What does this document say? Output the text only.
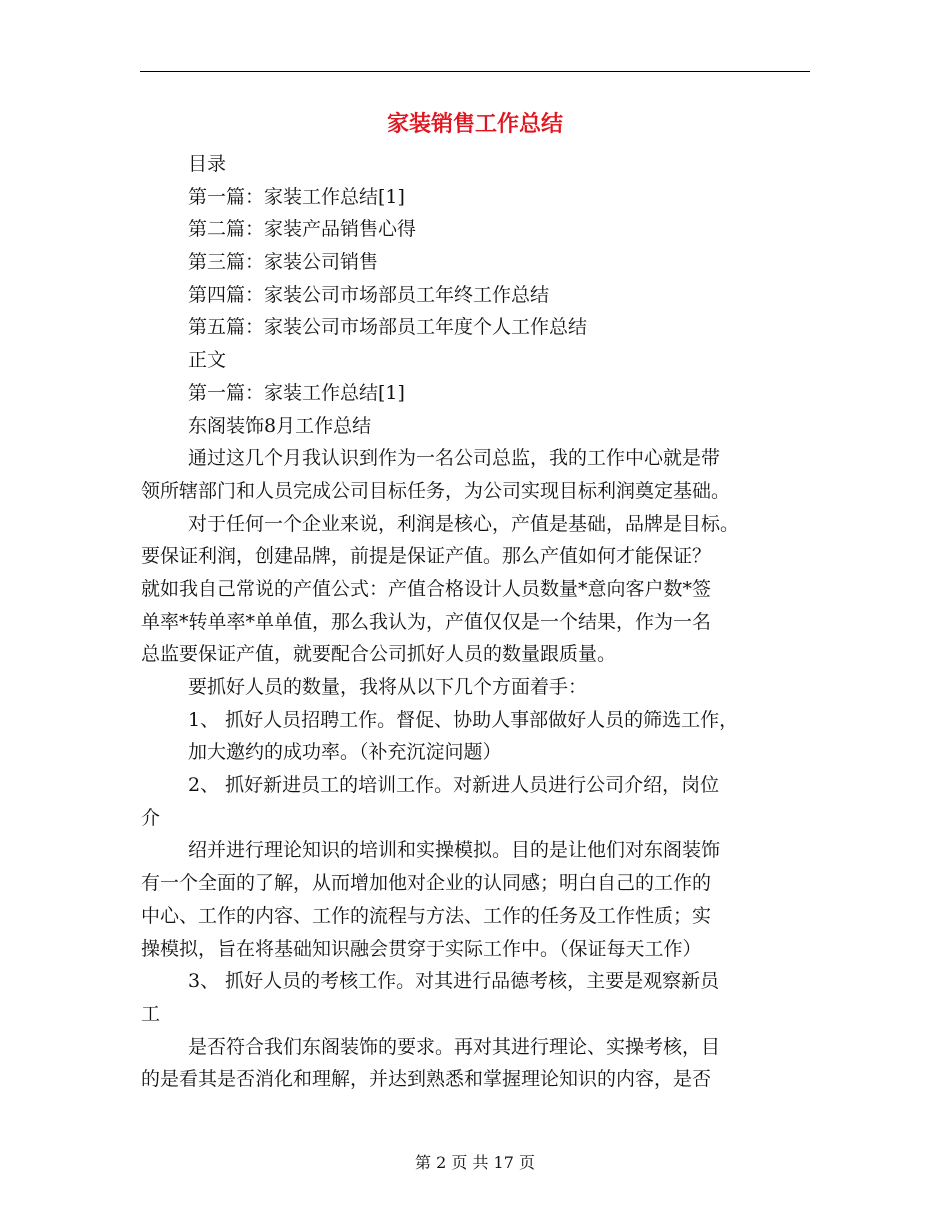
家装销售工作总结
目录
第一篇：家装工作总结[1]
第二篇：家装产品销售心得
第三篇：家装公司销售
第四篇：家装公司市场部员工年终工作总结
第五篇：家装公司市场部员工年度个人工作总结
正文
第一篇：家装工作总结[1]
东阁装饰8月工作总结
通过这几个月我认识到作为一名公司总监，我的工作中心就是带
领所辖部门和人员完成公司目标任务，为公司实现目标利润奠定基础。
对于任何一个企业来说，利润是核心，产值是基础，品牌是目标。
要保证利润，创建品牌，前提是保证产值。那么产值如何才能保证？
就如我自己常说的产值公式：产值合格设计人员数量*意向客户数*签
单率*转单率*单单值，那么我认为，产值仅仅是一个结果，作为一名
总监要保证产值，就要配合公司抓好人员的数量跟质量。
要抓好人员的数量，我将从以下几个方面着手：
1、 抓好人员招聘工作。督促、协助人事部做好人员的筛选工作，
加大邀约的成功率。（补充沉淀问题）
2、 抓好新进员工的培训工作。对新进人员进行公司介绍，岗位
介
绍并进行理论知识的培训和实操模拟。目的是让他们对东阁装饰
有一个全面的了解，从而增加他对企业的认同感；明白自己的工作的
中心、工作的内容、工作的流程与方法、工作的任务及工作性质；实
操模拟，旨在将基础知识融会贯穿于实际工作中。（保证每天工作）
3、 抓好人员的考核工作。对其进行品德考核，主要是观察新员
工
是否符合我们东阁装饰的要求。再对其进行理论、实操考核，目
的是看其是否消化和理解，并达到熟悉和掌握理论知识的内容，是否
第 2 页 共 17 页
